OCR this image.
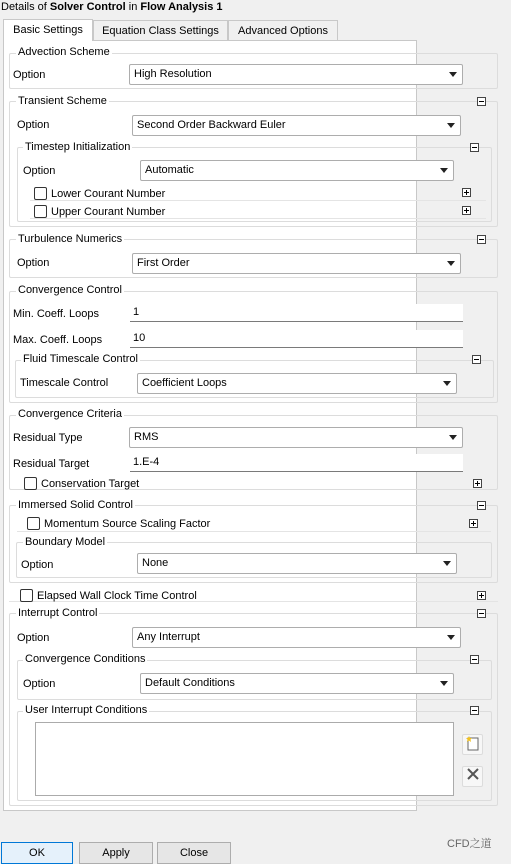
Details of Solver Control in Flow Analysis 1
Basic Settings	Equation Class Settings	Advanced Options
Advection Scheme
Option	High Resolution
Transient Scheme
Option	Second Order Backward Euler
Timestep Initialization
Option	Automatic
Lower Courant Number
Upper Courant Number
Turbulence Numerics
Option	First Order
Convergence Control
Min. Coeff. Loops	1
Max. Coeff. Loops	10
Fluid Timescale Control
Timescale Control	Coefficient Loops
Convergence Criteria
Residual Type	RMS
Residual Target	1.E-4
Conservation Target
Immersed Solid Control
Momentum Source Scaling Factor
Boundary Model
Option	None
Elapsed Wall Clock Time Control
Interrupt Control
Option	Any Interrupt
Convergence Conditions
Option	Default Conditions
User Interrupt Conditions
OK	Apply	Close
CFD之道
